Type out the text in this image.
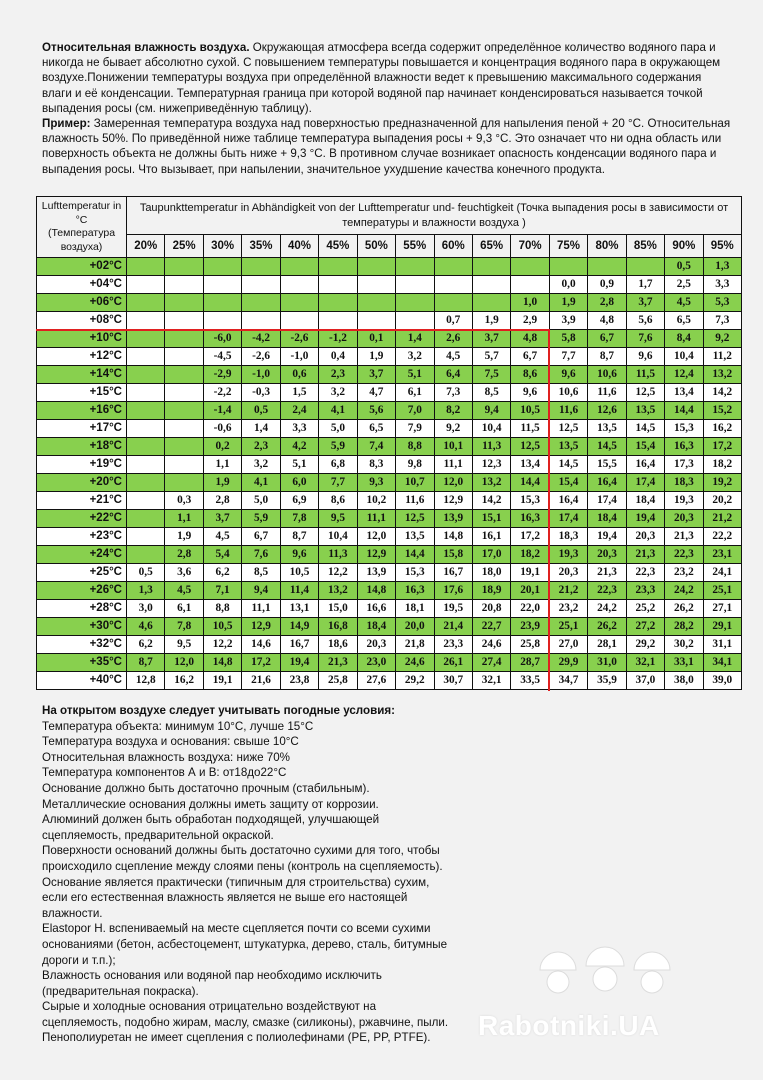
Относительная влажность воздуха. Окружающая атмосфера всегда содержит определённое количество водяного пара и никогда не бывает абсолютно сухой. С повышением температуры повышается и концентрация водяного пара в окружающем воздухе.Понижении температуры воздуха при определённой влажности ведет к превышению максимального содержания влаги и её конденсации. Температурная граница при которой водяной пар начинает конденсироваться называется точкой выпадения росы (см. нижеприведённую таблицу).

Пример: Замеренная температура воздуха над поверхностью предназначенной для напыления пеной + 20 °С. Относительная влажность 50%. По приведённой ниже таблице температура выпадения росы + 9,3 °С. Это означает что ни одна область или поверхность объекта не должны быть ниже + 9,3 °С. В противном случае возникает опасность конденсации водяного пара и выпадения росы. Что вызывает, при напылении, значительное ухудшение качества конечного продукта.

Lufttemperatur in °C (Температура воздуха)	Taupunkttemperatur in Abhändigkeit von der Lufttemperatur und- feuchtigkeit (Точка выпадения росы в зависимости от температуры и влажности воздуха )															
	20%	25%	30%	35%	40%	45%	50%	55%	60%	65%	70%	75%	80%	85%	90%	95%
+02°C															0,5	1,3
+04°C												0,0	0,9	1,7	2,5	3,3
+06°C											1,0	1,9	2,8	3,7	4,5	5,3
+08°C									0,7	1,9	2,9	3,9	4,8	5,6	6,5	7,3
+10°C			-6,0	-4,2	-2,6	-1,2	0,1	1,4	2,6	3,7	4,8	5,8	6,7	7,6	8,4	9,2
+12°C			-4,5	-2,6	-1,0	0,4	1,9	3,2	4,5	5,7	6,7	7,7	8,7	9,6	10,4	11,2
+14°C			-2,9	-1,0	0,6	2,3	3,7	5,1	6,4	7,5	8,6	9,6	10,6	11,5	12,4	13,2
+15°C			-2,2	-0,3	1,5	3,2	4,7	6,1	7,3	8,5	9,6	10,6	11,6	12,5	13,4	14,2
+16°C			-1,4	0,5	2,4	4,1	5,6	7,0	8,2	9,4	10,5	11,6	12,6	13,5	14,4	15,2
+17°C			-0,6	1,4	3,3	5,0	6,5	7,9	9,2	10,4	11,5	12,5	13,5	14,5	15,3	16,2
+18°C			0,2	2,3	4,2	5,9	7,4	8,8	10,1	11,3	12,5	13,5	14,5	15,4	16,3	17,2
+19°C			1,1	3,2	5,1	6,8	8,3	9,8	11,1	12,3	13,4	14,5	15,5	16,4	17,3	18,2
+20°C			1,9	4,1	6,0	7,7	9,3	10,7	12,0	13,2	14,4	15,4	16,4	17,4	18,3	19,2
+21°C		0,3	2,8	5,0	6,9	8,6	10,2	11,6	12,9	14,2	15,3	16,4	17,4	18,4	19,3	20,2
+22°C		1,1	3,7	5,9	7,8	9,5	11,1	12,5	13,9	15,1	16,3	17,4	18,4	19,4	20,3	21,2
+23°C		1,9	4,5	6,7	8,7	10,4	12,0	13,5	14,8	16,1	17,2	18,3	19,4	20,3	21,3	22,2
+24°C		2,8	5,4	7,6	9,6	11,3	12,9	14,4	15,8	17,0	18,2	19,3	20,3	21,3	22,3	23,1
+25°C	0,5	3,6	6,2	8,5	10,5	12,2	13,9	15,3	16,7	18,0	19,1	20,3	21,3	22,3	23,2	24,1
+26°C	1,3	4,5	7,1	9,4	11,4	13,2	14,8	16,3	17,6	18,9	20,1	21,2	22,3	23,3	24,2	25,1
+28°C	3,0	6,1	8,8	11,1	13,1	15,0	16,6	18,1	19,5	20,8	22,0	23,2	24,2	25,2	26,2	27,1
+30°C	4,6	7,8	10,5	12,9	14,9	16,8	18,4	20,0	21,4	22,7	23,9	25,1	26,2	27,2	28,2	29,1
+32°C	6,2	9,5	12,2	14,6	16,7	18,6	20,3	21,8	23,3	24,6	25,8	27,0	28,1	29,2	30,2	31,1
+35°C	8,7	12,0	14,8	17,2	19,4	21,3	23,0	24,6	26,1	27,4	28,7	29,9	31,0	32,1	33,1	34,1
+40°C	12,8	16,2	19,1	21,6	23,8	25,8	27,6	29,2	30,7	32,1	33,5	34,7	35,9	37,0	38,0	39,0

На открытом воздухе следует учитывать погодные условия:

Температура объекта: минимум 10°С, лучше 15°С

Температура воздуха и основания: свыше 10°С

Относительная влажность воздуха: ниже 70%

Температура компонентов А и В: от18до22°С

Основание должно быть достаточно прочным (стабильным).

Металлические основания должны иметь защиту от коррозии.

Алюминий должен быть обработан подходящей, улучшающей

сцепляемость, предварительной окраской.

Поверхности оснований должны быть достаточно сухими для того, чтобы

происходило сцепление между слоями пены (контроль на сцепляемость).

Основание является практически (типичным для строительства) сухим,

если его естественная влажность является не выше его настоящей

влажности.

Elastopor H. вспениваемый на месте сцепляется почти со всеми сухими

основаниями (бетон, асбестоцемент, штукатурка, дерево, сталь, битумные

дороги и т.п.);

Влажность основания или водяной пар необходимо исключить

(предварительная покраска).

Сырые и холодные основания отрицательно воздействуют на

сцепляемость, подобно жирам, маслу, смазке (силиконы), ржавчине, пыли.

Пенополиуретан не имеет сцепления с полиолефинами (PE, PP, PTFE).	Rabotniki.UA
